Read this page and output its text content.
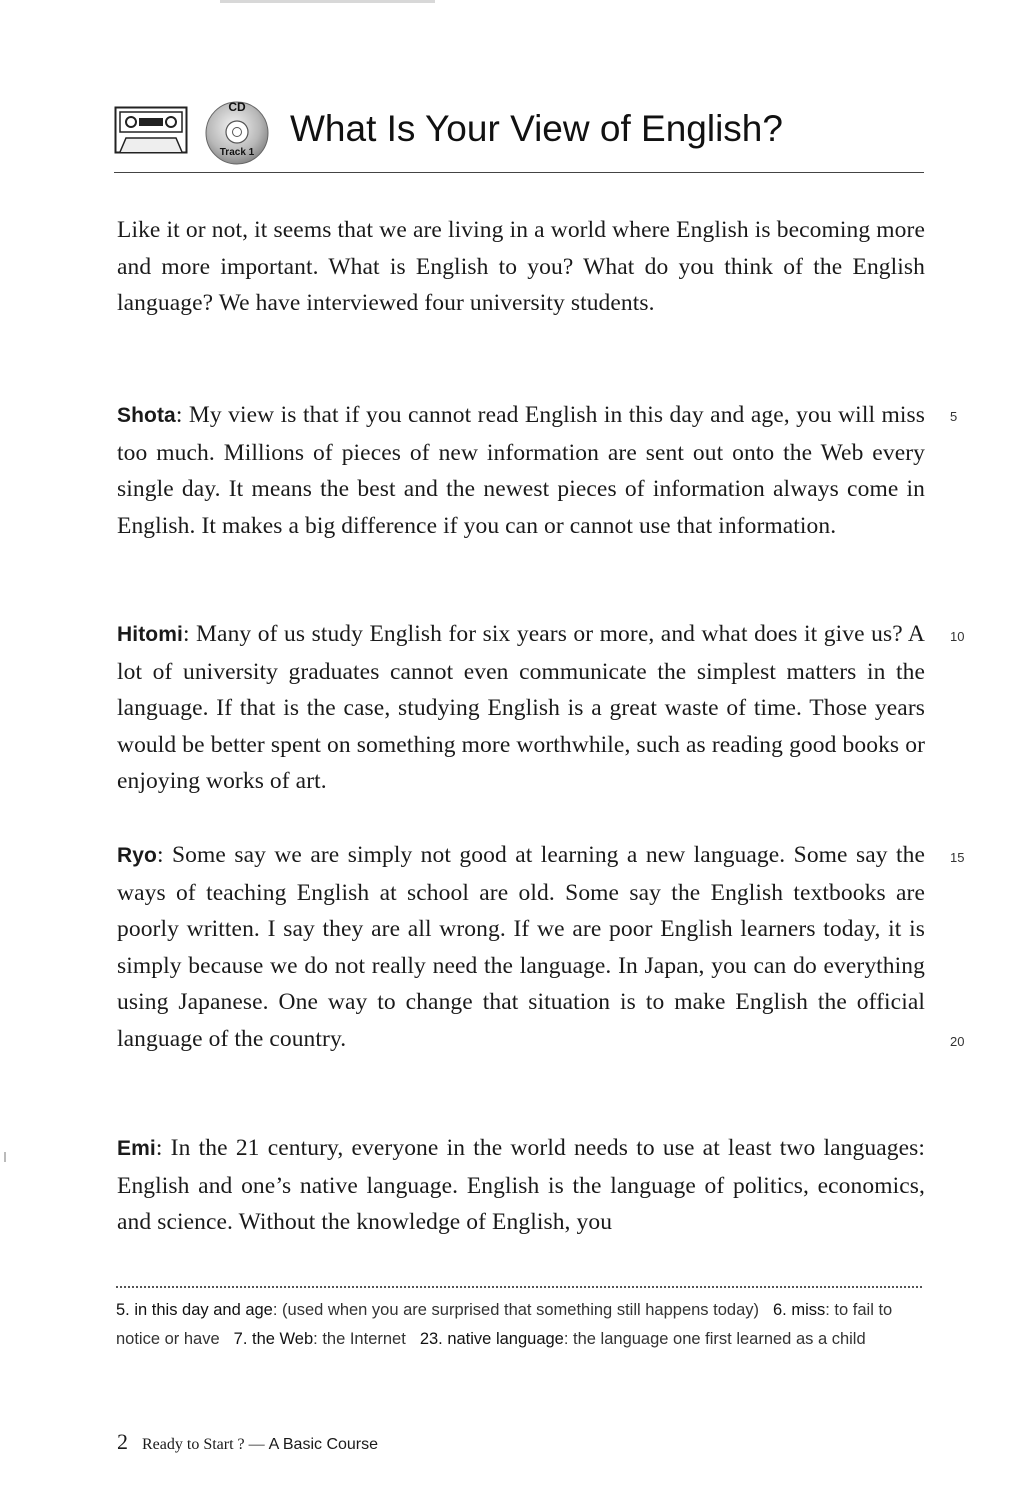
CD
Track 1
What Is Your View of English?
Like it or not, it seems that we are living in a world where English is becoming more and more important. What is English to you? What do you think of the English language? We have interviewed four university students.
Shota: My view is that if you cannot read English in this day and age, you will miss too much. Millions of pieces of new information are sent out onto the Web every single day. It means the best and the newest pieces of information always come in English. It makes a big difference if you can or cannot use that information.
5
Hitomi: Many of us study English for six years or more, and what does it give us? A lot of university graduates cannot even communicate the simplest matters in the language. If that is the case, studying English is a great waste of time. Those years would be better spent on something more worthwhile, such as reading good books or enjoying works of art.
10
Ryo: Some say we are simply not good at learning a new language. Some say the ways of teaching English at school are old. Some say the English textbooks are poorly written. I say they are all wrong. If we are poor English learners today, it is simply because we do not really need the language. In Japan, you can do everything using Japanese. One way to change that situation is to make English the official language of the country.
15
20
Emi: In the 21 century, everyone in the world needs to use at least two languages: English and one’s native language. English is the language of politics, economics, and science. Without the knowledge of English, you
5. in this day and age: (used when you are surprised that something still happens today) 6. miss: to fail to notice or have 7. the Web: the Internet 23. native language: the language one first learned as a child
2 Ready to Start ? — A Basic Course
